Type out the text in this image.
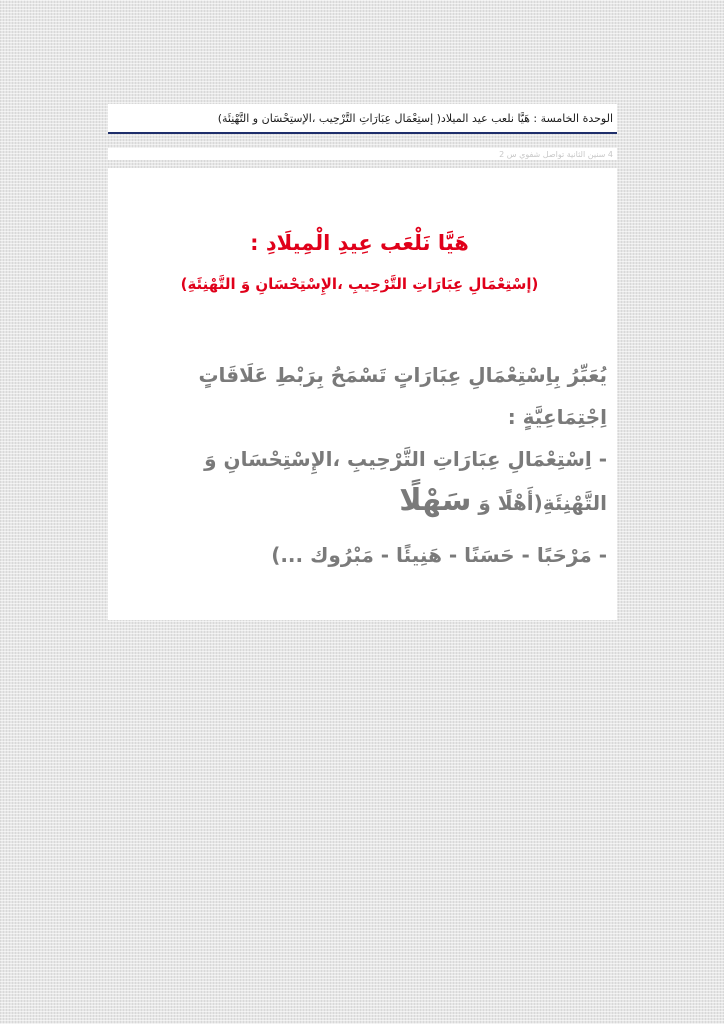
الوحدة الخامسة : هَيَّا نلعب عيد الميلاد( إستِعْمَال عِبَارَاتِ التَّرْحِيب ،الإستِحْسَان و التَّهْنِئَة)
4 سنين الثانية تواصل شفوي س 2
هَيَّا نَلْعَب عِيدِ الْمِيلَادِ :
(إسْتِعْمَالِ عِبَارَاتِ التَّرْحِيبِ ،الإِسْتِحْسَانِ وَ التَّهْنِئَةِ)

يُعَبِّرُ بِاِسْتِعْمَالِ عِبَارَاتٍ تَسْمَحُ بِرَبْطِ عَلَاقَاتٍ اِجْتِمَاعِيَّةٍ :

- اِسْتِعْمَالِ عِبَارَاتِ التَّرْحِيبِ ،الإِسْتِحْسَانِ وَ التَّهْنِئَةِ(أَهْلًا وَ سَهْلًا

- مَرْحَبًا - حَسَنًا - هَنِيئًا - مَبْرُوك ...)
